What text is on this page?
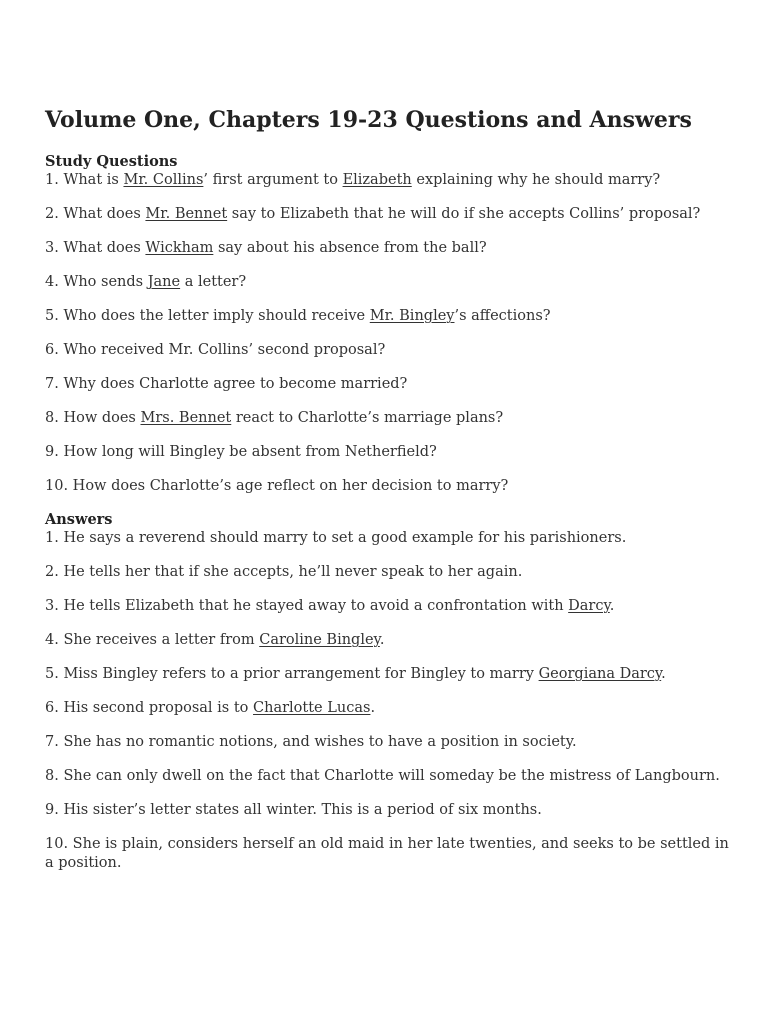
Volume One, Chapters 19-23 Questions and Answers

Study Questions

1. What is Mr. Collins’ first argument to Elizabeth explaining why he should marry?

2. What does Mr. Bennet say to Elizabeth that he will do if she accepts Collins’ proposal?

3. What does Wickham say about his absence from the ball?

4. Who sends Jane a letter?

5. Who does the letter imply should receive Mr. Bingley’s affections?

6. Who received Mr. Collins’ second proposal?

7. Why does Charlotte agree to become married?

8. How does Mrs. Bennet react to Charlotte’s marriage plans?

9. How long will Bingley be absent from Netherfield?

10. How does Charlotte’s age reflect on her decision to marry?

Answers

1. He says a reverend should marry to set a good example for his parishioners.

2. He tells her that if she accepts, he’ll never speak to her again.

3. He tells Elizabeth that he stayed away to avoid a confrontation with Darcy.

4. She receives a letter from Caroline Bingley.

5. Miss Bingley refers to a prior arrangement for Bingley to marry Georgiana Darcy.

6. His second proposal is to Charlotte Lucas.

7. She has no romantic notions, and wishes to have a position in society.

8. She can only dwell on the fact that Charlotte will someday be the mistress of Langbourn.

9. His sister’s letter states all winter. This is a period of six months.

10. She is plain, considers herself an old maid in her late twenties, and seeks to be settled in a position.
